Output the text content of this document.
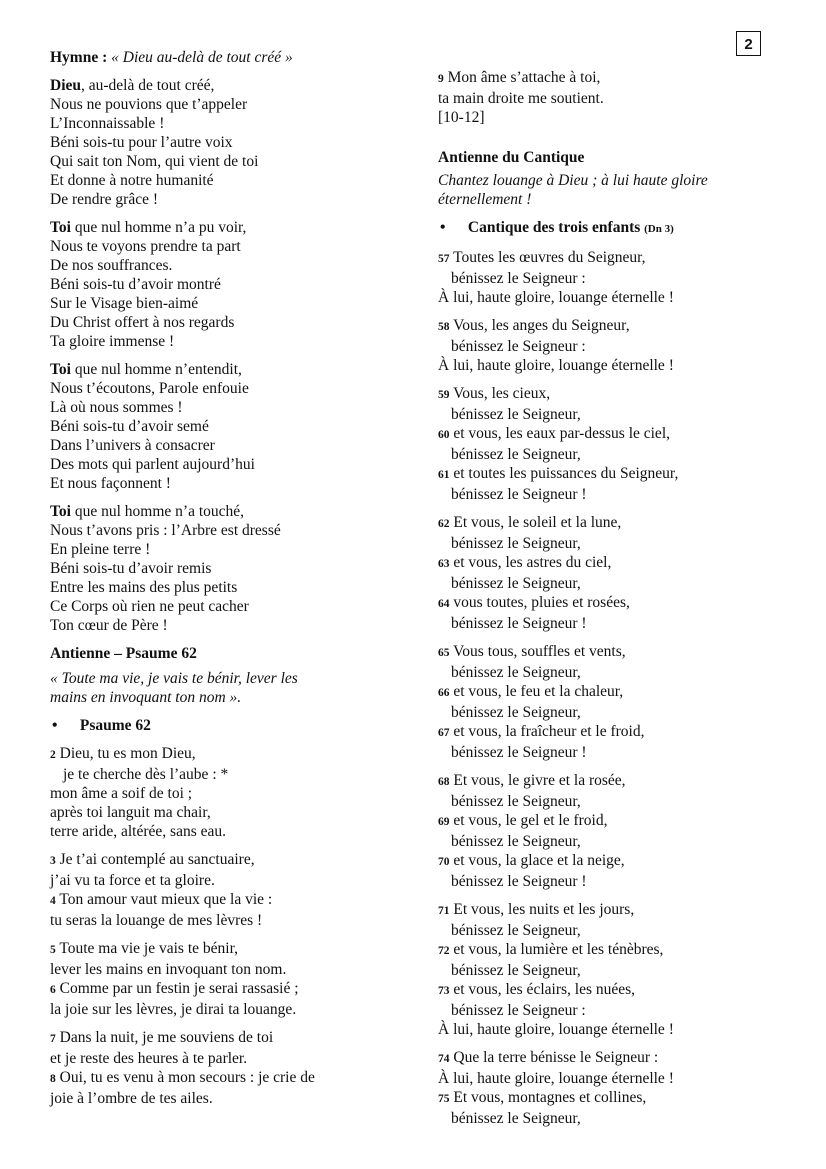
2
Hymne : « Dieu au-delà de tout créé »
Dieu, au-delà de tout créé,
Nous ne pouvions que t’appeler
L’Inconnaissable !
Béni sois-tu pour l’autre voix
Qui sait ton Nom, qui vient de toi
Et donne à notre humanité
De rendre grâce !
Toi que nul homme n’a pu voir,
Nous te voyons prendre ta part
De nos souffrances.
Béni sois-tu d’avoir montré
Sur le Visage bien-aimé
Du Christ offert à nos regards
Ta gloire immense !
Toi que nul homme n’entendit,
Nous t’écoutons, Parole enfouie
Là où nous sommes !
Béni sois-tu d’avoir semé
Dans l’univers à consacrer
Des mots qui parlent aujourd’hui
Et nous façonnent !
Toi que nul homme n’a touché,
Nous t’avons pris : l’Arbre est dressé
En pleine terre !
Béni sois-tu d’avoir remis
Entre les mains des plus petits
Ce Corps où rien ne peut cacher
Ton cœur de Père !
Antienne – Psaume 62
« Toute ma vie, je vais te bénir, lever les
mains en invoquant ton nom ».
• Psaume 62
2 Dieu, tu es mon Dieu,
je te cherche dès l’aube : *
mon âme a soif de toi ;
après toi languit ma chair,
terre aride, altérée, sans eau.
3 Je t’ai contemplé au sanctuaire,
j’ai vu ta force et ta gloire.
4 Ton amour vaut mieux que la vie :
tu seras la louange de mes lèvres !
5 Toute ma vie je vais te bénir,
lever les mains en invoquant ton nom.
6 Comme par un festin je serai rassasié ;
la joie sur les lèvres, je dirai ta louange.
7 Dans la nuit, je me souviens de toi
et je reste des heures à te parler.
8 Oui, tu es venu à mon secours : je crie de
joie à l’ombre de tes ailes.
9 Mon âme s’attache à toi,
ta main droite me soutient.
[10-12]
Antienne du Cantique
Chantez louange à Dieu ; à lui haute gloire
éternellement !
• Cantique des trois enfants (Dn 3)
57 Toutes les œuvres du Seigneur,
bénissez le Seigneur :
À lui, haute gloire, louange éternelle !
58 Vous, les anges du Seigneur,
bénissez le Seigneur :
À lui, haute gloire, louange éternelle !
59 Vous, les cieux,
bénissez le Seigneur,
60 et vous, les eaux par-dessus le ciel,
bénissez le Seigneur,
61 et toutes les puissances du Seigneur,
bénissez le Seigneur !
62 Et vous, le soleil et la lune,
bénissez le Seigneur,
63 et vous, les astres du ciel,
bénissez le Seigneur,
64 vous toutes, pluies et rosées,
bénissez le Seigneur !
65 Vous tous, souffles et vents,
bénissez le Seigneur,
66 et vous, le feu et la chaleur,
bénissez le Seigneur,
67 et vous, la fraîcheur et le froid,
bénissez le Seigneur !
68 Et vous, le givre et la rosée,
bénissez le Seigneur,
69 et vous, le gel et le froid,
bénissez le Seigneur,
70 et vous, la glace et la neige,
bénissez le Seigneur !
71 Et vous, les nuits et les jours,
bénissez le Seigneur,
72 et vous, la lumière et les ténèbres,
bénissez le Seigneur,
73 et vous, les éclairs, les nuées,
bénissez le Seigneur :
À lui, haute gloire, louange éternelle !
74 Que la terre bénisse le Seigneur :
À lui, haute gloire, louange éternelle !
75 Et vous, montagnes et collines,
bénissez le Seigneur,
